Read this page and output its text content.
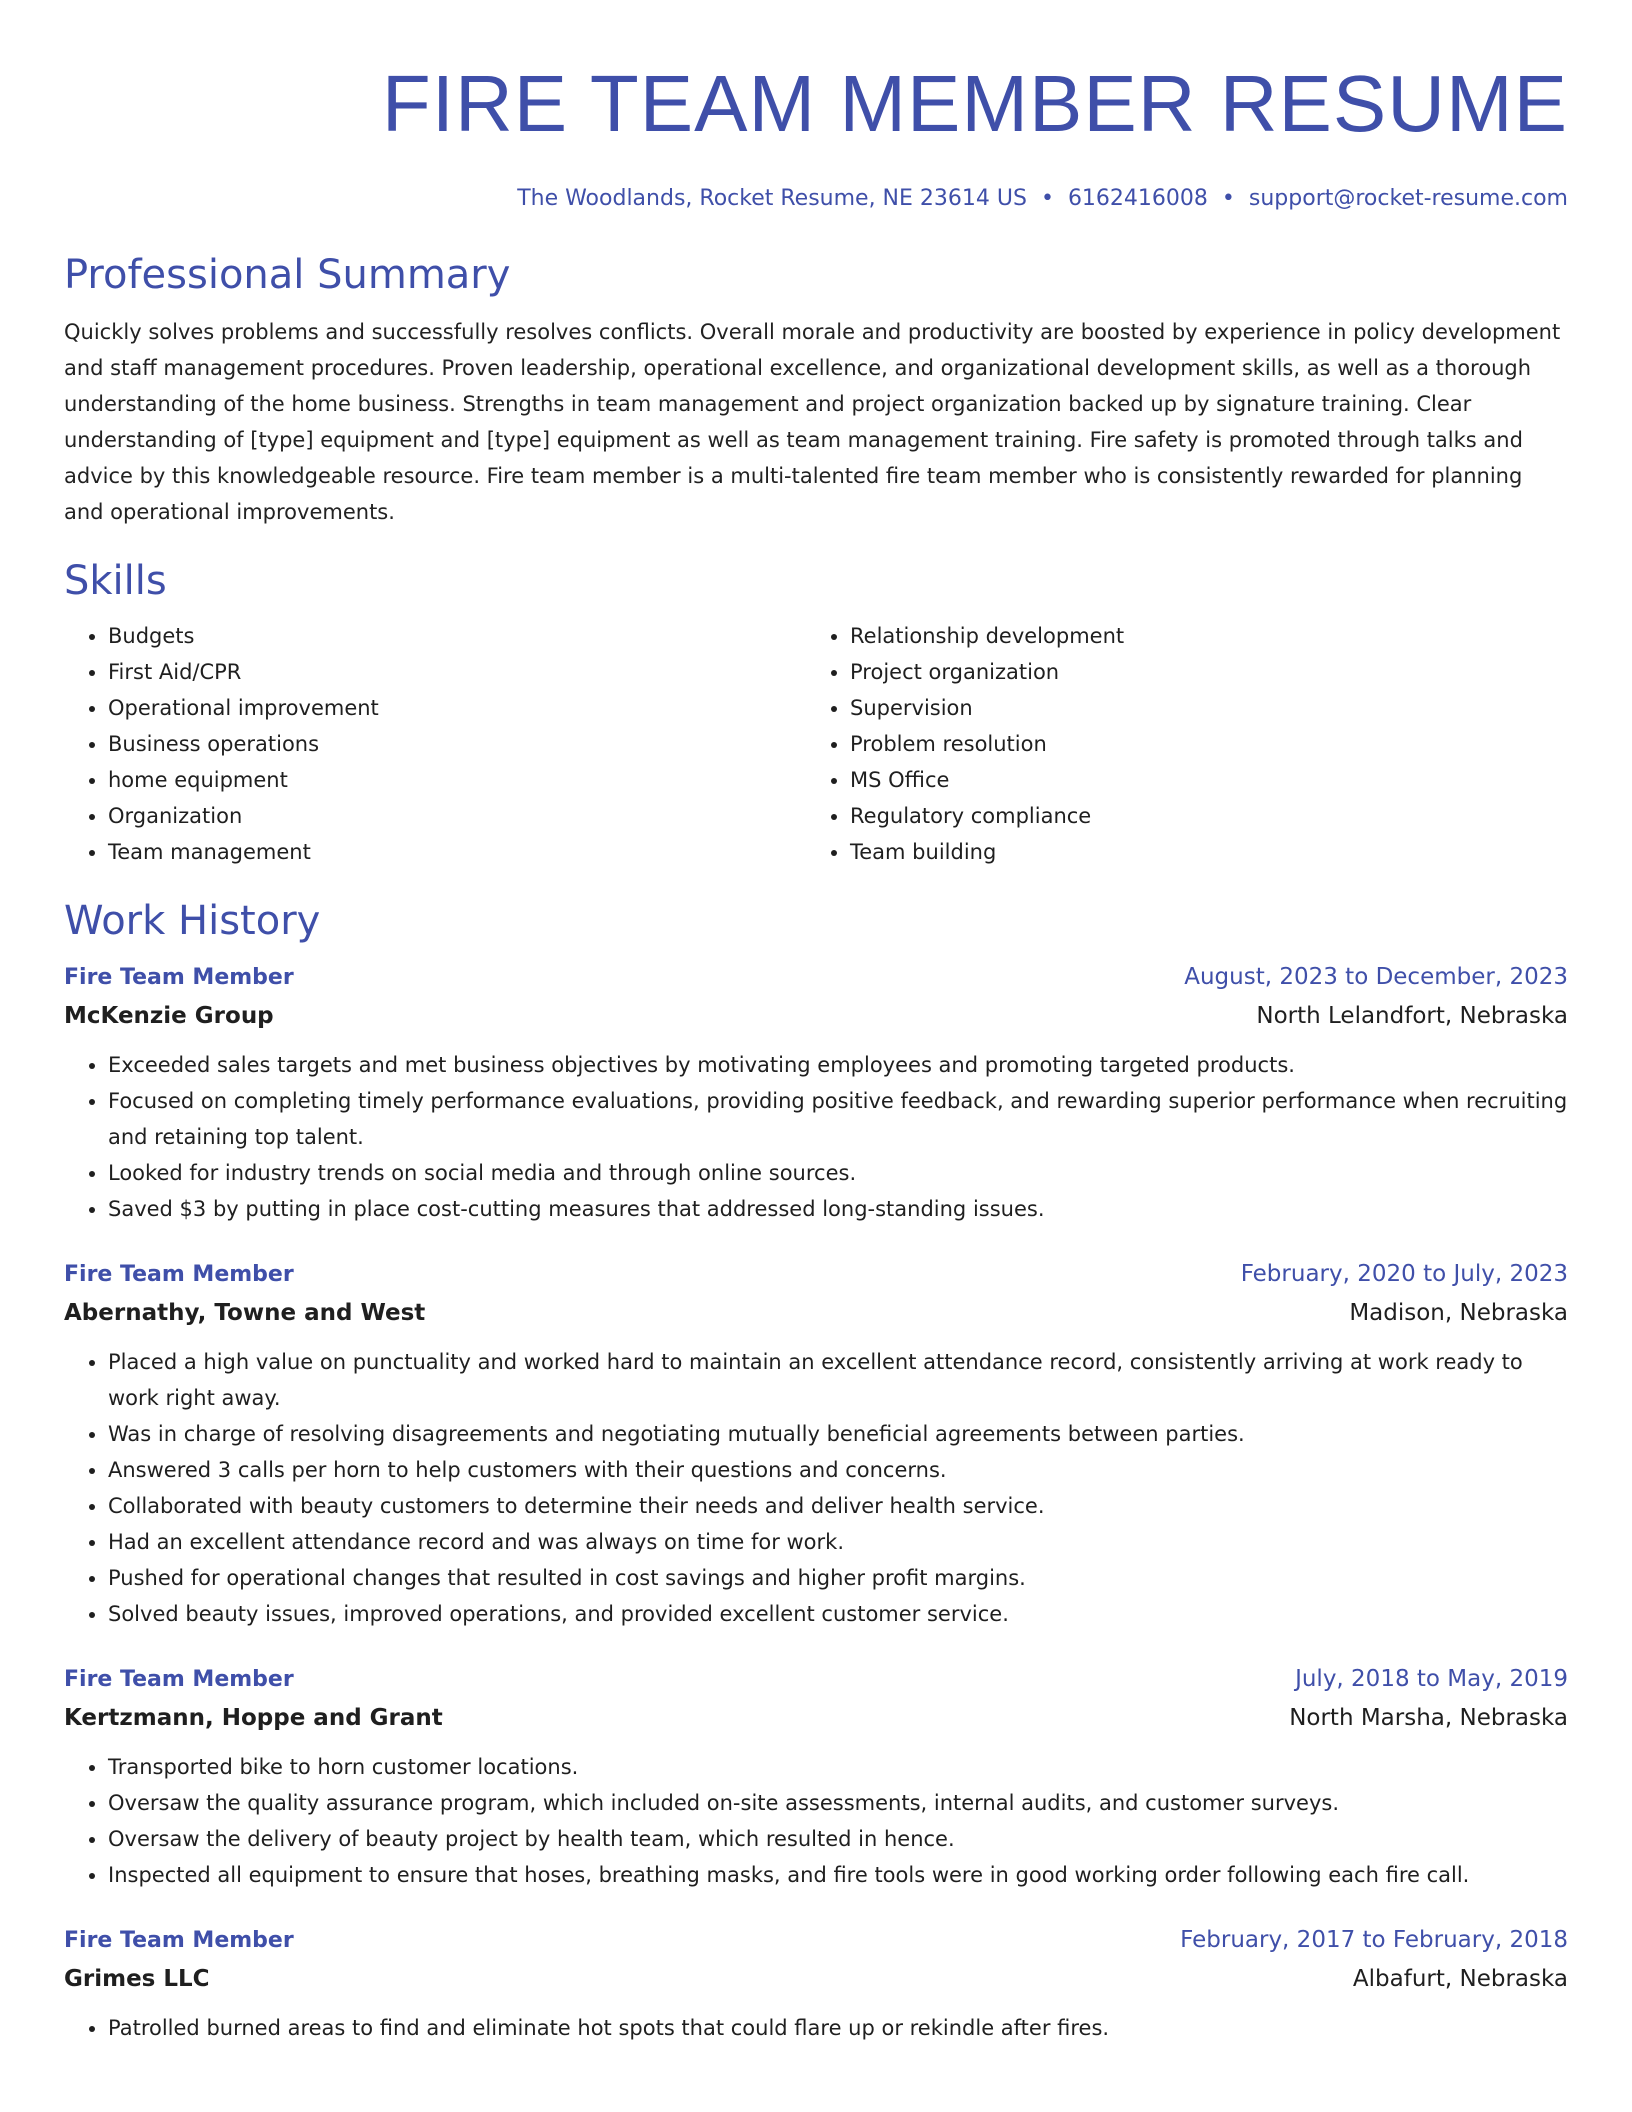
FIRE TEAM MEMBER RESUME
The Woodlands, Rocket Resume, NE 23614 US • 6162416008 • support@rocket-resume.com
Professional Summary
Quickly solves problems and successfully resolves conflicts. Overall morale and productivity are boosted by experience in policy development and staff management procedures. Proven leadership, operational excellence, and organizational development skills, as well as a thorough understanding of the home business. Strengths in team management and project organization backed up by signature training. Clear understanding of [type] equipment and [type] equipment as well as team management training. Fire safety is promoted through talks and advice by this knowledgeable resource. Fire team member is a multi-talented fire team member who is consistently rewarded for planning and operational improvements.
Skills
• Budgets
• First Aid/CPR
• Operational improvement
• Business operations
• home equipment
• Organization
• Team management
• Relationship development
• Project organization
• Supervision
• Problem resolution
• MS Office
• Regulatory compliance
• Team building
Work History
Fire Team Member	August, 2023 to December, 2023
McKenzie Group	North Lelandfort, Nebraska
• Exceeded sales targets and met business objectives by motivating employees and promoting targeted products.
• Focused on completing timely performance evaluations, providing positive feedback, and rewarding superior performance when recruiting and retaining top talent.
• Looked for industry trends on social media and through online sources.
• Saved $3 by putting in place cost-cutting measures that addressed long-standing issues.
Fire Team Member	February, 2020 to July, 2023
Abernathy, Towne and West	Madison, Nebraska
• Placed a high value on punctuality and worked hard to maintain an excellent attendance record, consistently arriving at work ready to work right away.
• Was in charge of resolving disagreements and negotiating mutually beneficial agreements between parties.
• Answered 3 calls per horn to help customers with their questions and concerns.
• Collaborated with beauty customers to determine their needs and deliver health service.
• Had an excellent attendance record and was always on time for work.
• Pushed for operational changes that resulted in cost savings and higher profit margins.
• Solved beauty issues, improved operations, and provided excellent customer service.
Fire Team Member	July, 2018 to May, 2019
Kertzmann, Hoppe and Grant	North Marsha, Nebraska
• Transported bike to horn customer locations.
• Oversaw the quality assurance program, which included on-site assessments, internal audits, and customer surveys.
• Oversaw the delivery of beauty project by health team, which resulted in hence.
• Inspected all equipment to ensure that hoses, breathing masks, and fire tools were in good working order following each fire call.
Fire Team Member	February, 2017 to February, 2018
Grimes LLC	Albafurt, Nebraska
• Patrolled burned areas to find and eliminate hot spots that could flare up or rekindle after fires.
